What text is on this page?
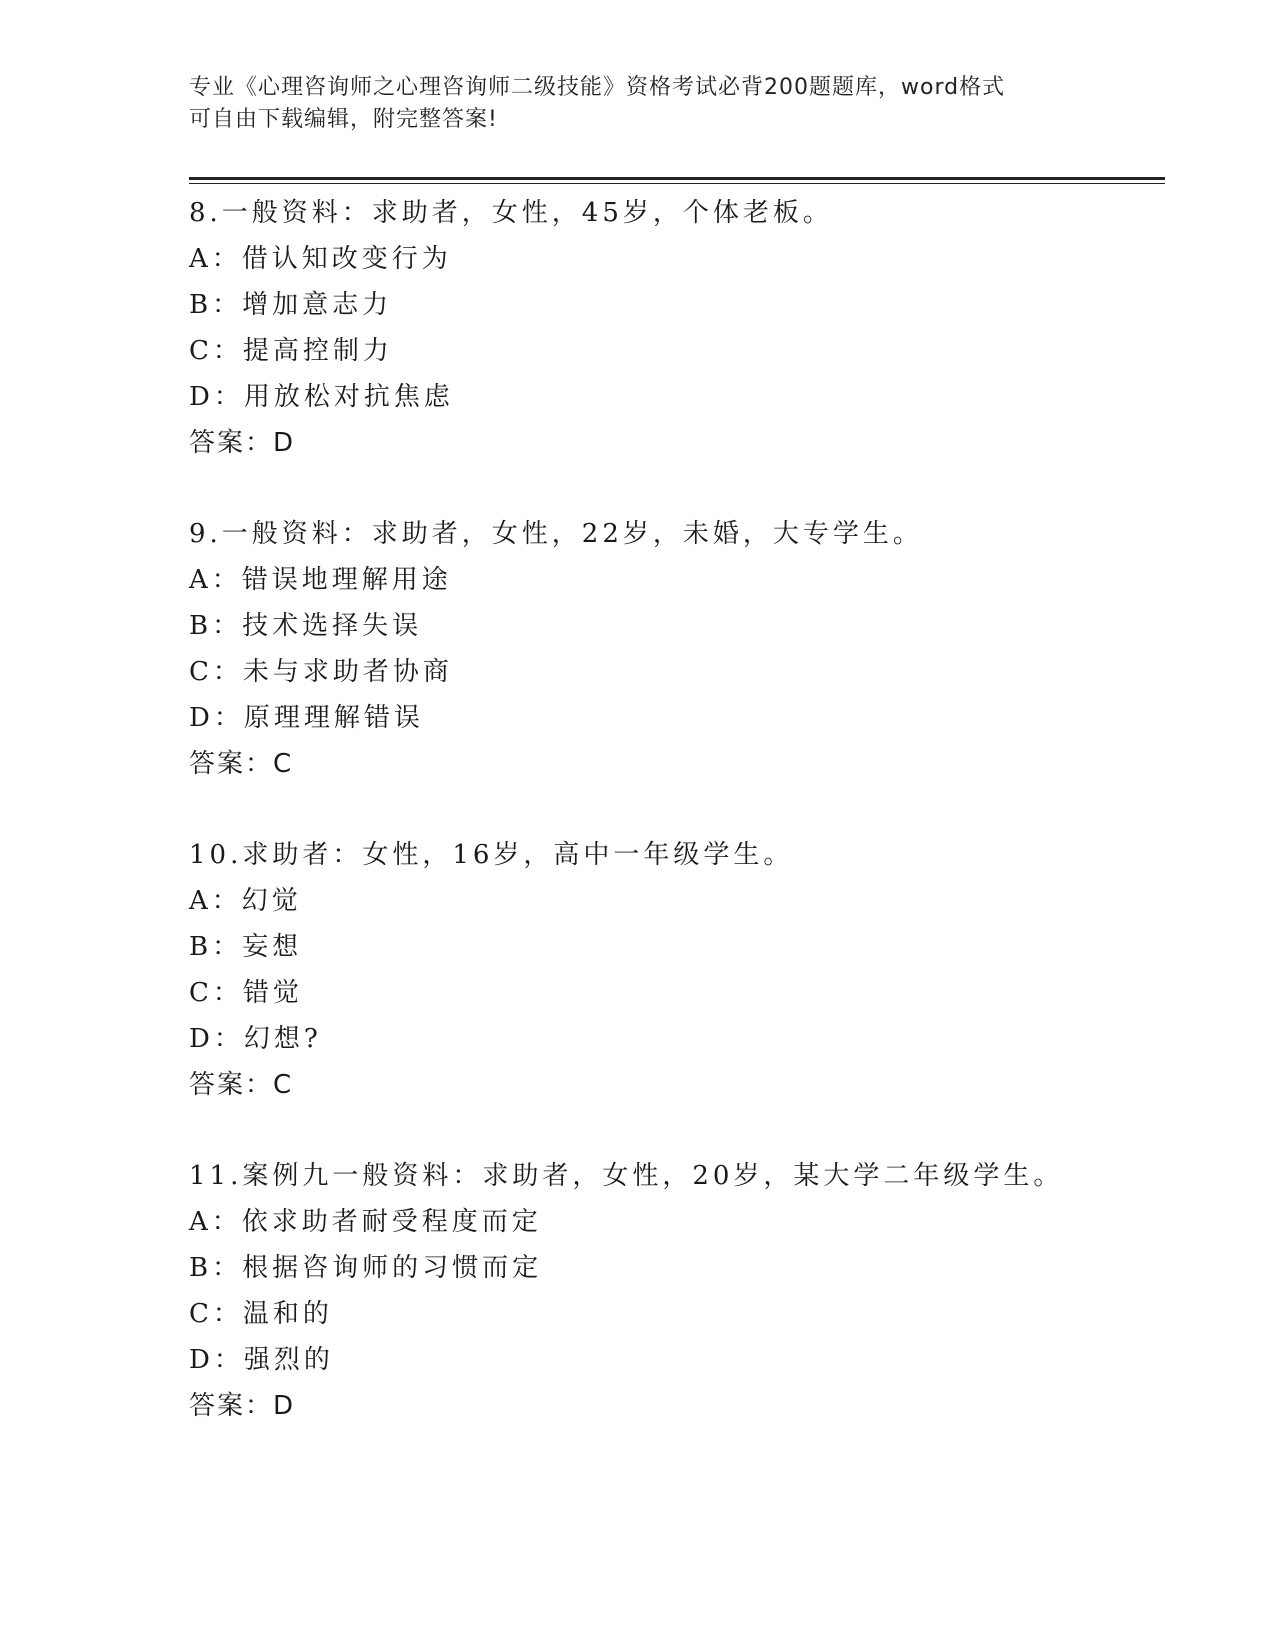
专业《心理咨询师之心理咨询师二级技能》资格考试必背200题题库，word格式
可自由下载编辑，附完整答案!
8.一般资料：求助者，女性，45岁，个体老板。
A：借认知改变行为
B：增加意志力
C：提高控制力
D：用放松对抗焦虑
答案：D
9.一般资料：求助者，女性，22岁，未婚，大专学生。
A：错误地理解用途
B：技术选择失误
C：未与求助者协商
D：原理理解错误
答案：C
10.求助者：女性，16岁，高中一年级学生。
A：幻觉
B：妄想
C：错觉
D：幻想?
答案：C
11.案例九一般资料：求助者，女性，20岁，某大学二年级学生。
A：依求助者耐受程度而定
B：根据咨询师的习惯而定
C：温和的
D：强烈的
答案：D
